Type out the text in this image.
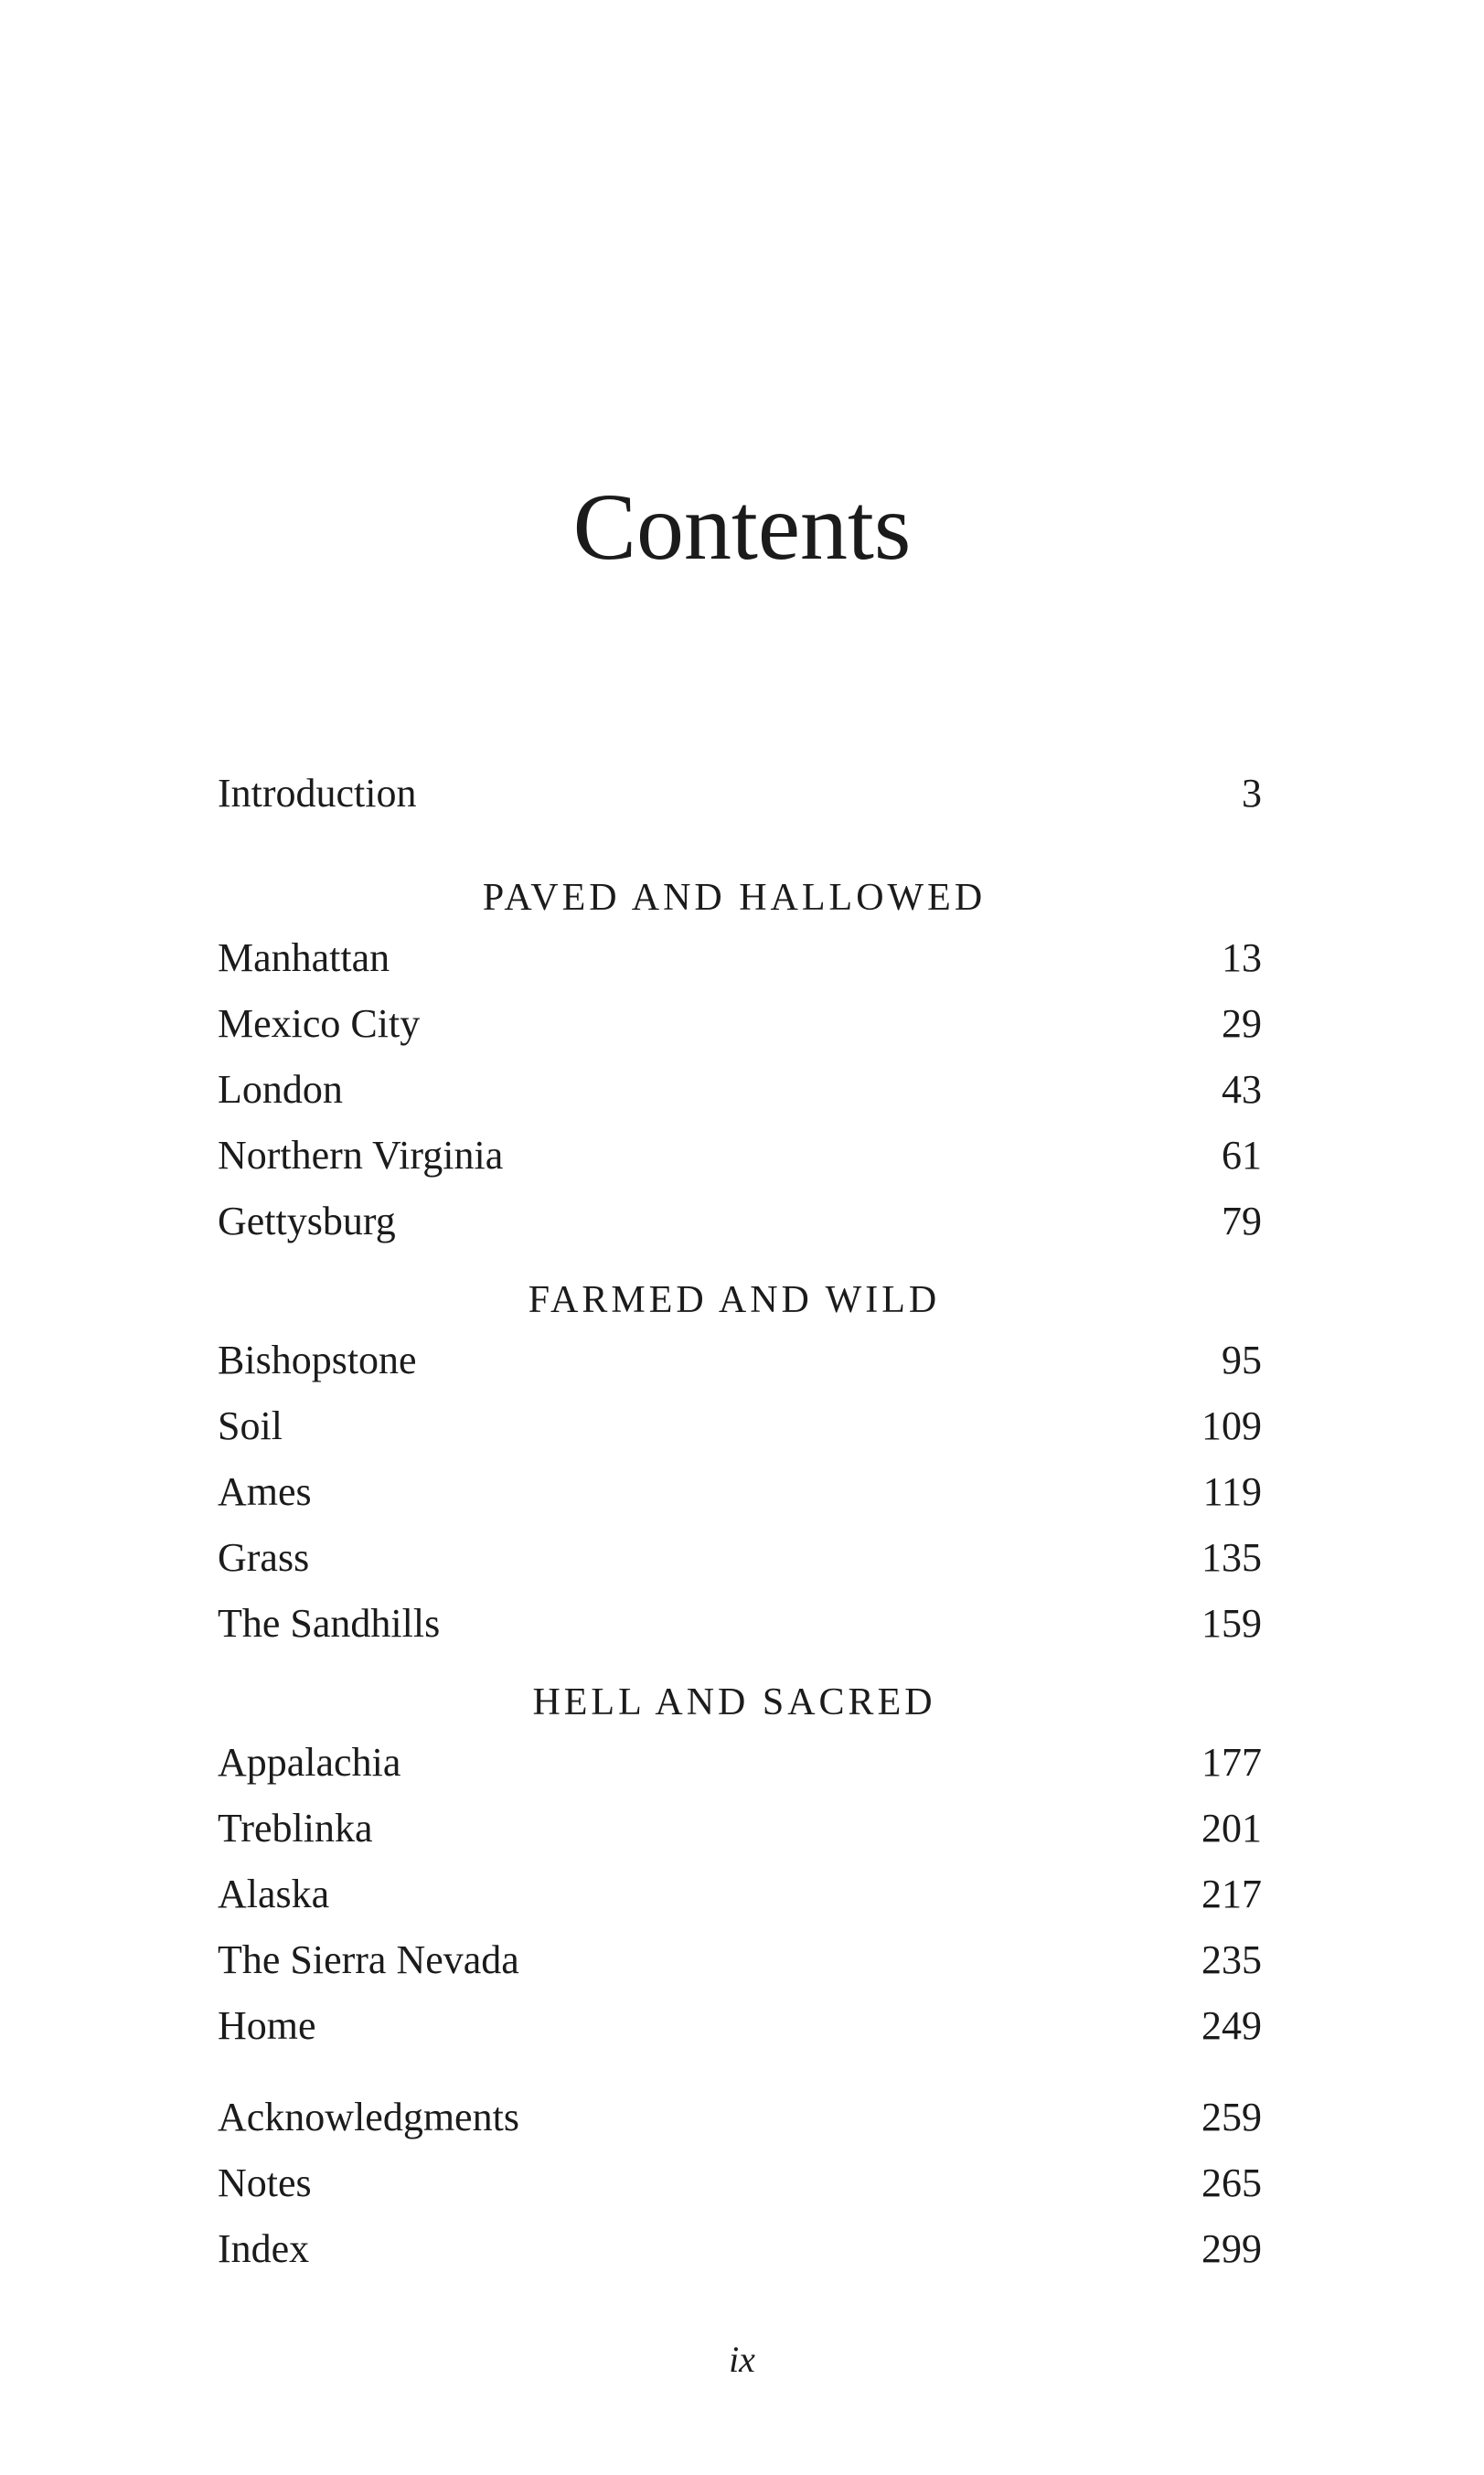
Contents
Introduction	3
PAVED AND HALLOWED
Manhattan	13
Mexico City	29
London	43
Northern Virginia	61
Gettysburg	79
FARMED AND WILD
Bishopstone	95
Soil	109
Ames	119
Grass	135
The Sandhills	159
HELL AND SACRED
Appalachia	177
Treblinka	201
Alaska	217
The Sierra Nevada	235
Home	249
Acknowledgments	259
Notes	265
Index	299
ix
